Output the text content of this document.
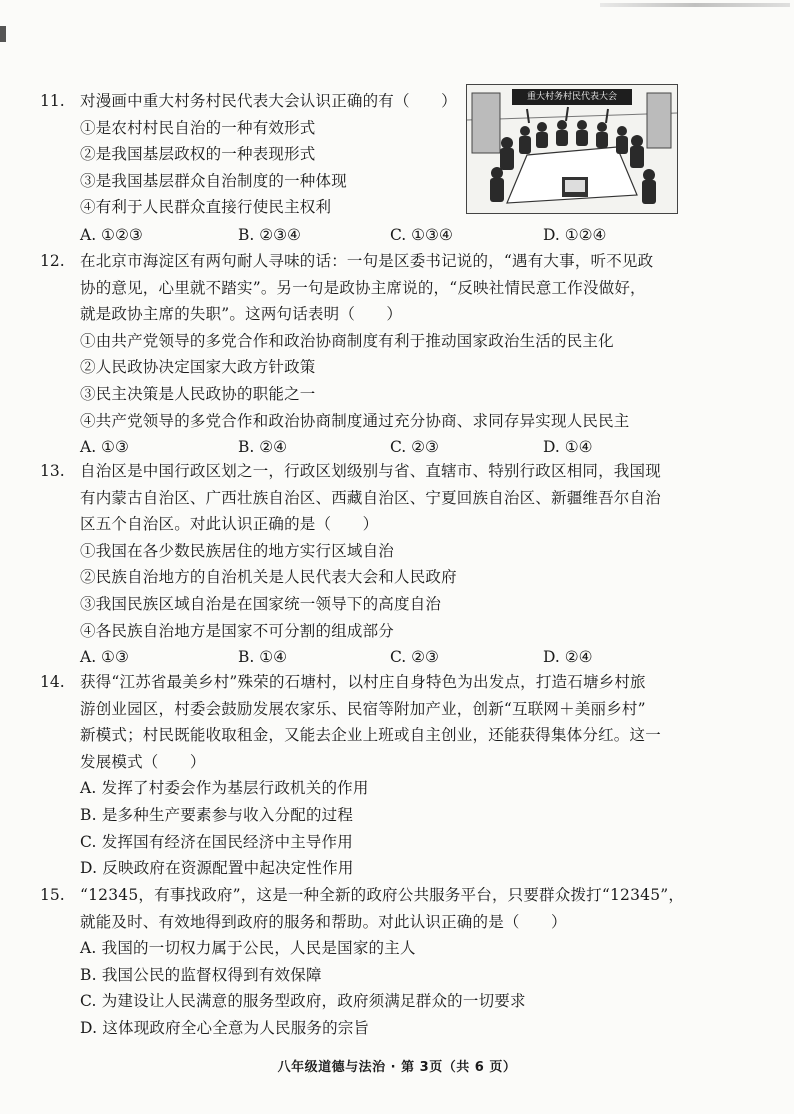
11. 对漫画中重大村务村民代表大会认识正确的有（　　）
①是农村村民自治的一种有效形式
②是我国基层政权的一种表现形式
③是我国基层群众自治制度的一种体现
④有利于人民群众直接行使民主权利
A. ①②③	B. ②③④	C. ①③④	D. ①②④
重大村务村民代表大会
12. 在北京市海淀区有两句耐人寻味的话：一句是区委书记说的，“遇有大事，听不见政
协的意见，心里就不踏实”。另一句是政协主席说的，“反映社情民意工作没做好，
就是政协主席的失职”。这两句话表明（　　）
①由共产党领导的多党合作和政治协商制度有利于推动国家政治生活的民主化
②人民政协决定国家大政方针政策
③民主决策是人民政协的职能之一
④共产党领导的多党合作和政治协商制度通过充分协商、求同存异实现人民民主
A. ①③	B. ②④	C. ②③	D. ①④
13. 自治区是中国行政区划之一，行政区划级别与省、直辖市、特别行政区相同，我国现
有内蒙古自治区、广西壮族自治区、西藏自治区、宁夏回族自治区、新疆维吾尔自治
区五个自治区。对此认识正确的是（　　）
①我国在各少数民族居住的地方实行区域自治
②民族自治地方的自治机关是人民代表大会和人民政府
③我国民族区域自治是在国家统一领导下的高度自治
④各民族自治地方是国家不可分割的组成部分
A. ①③	B. ①④	C. ②③	D. ②④
14. 获得“江苏省最美乡村”殊荣的石塘村，以村庄自身特色为出发点，打造石塘乡村旅
游创业园区，村委会鼓励发展农家乐、民宿等附加产业，创新“互联网＋美丽乡村”
新模式；村民既能收取租金，又能去企业上班或自主创业，还能获得集体分红。这一
发展模式（　　）
A. 发挥了村委会作为基层行政机关的作用
B. 是多种生产要素参与收入分配的过程
C. 发挥国有经济在国民经济中主导作用
D. 反映政府在资源配置中起决定性作用
15. “12345，有事找政府”，这是一种全新的政府公共服务平台，只要群众拨打“12345”，
就能及时、有效地得到政府的服务和帮助。对此认识正确的是（　　）
A. 我国的一切权力属于公民，人民是国家的主人
B. 我国公民的监督权得到有效保障
C. 为建设让人民满意的服务型政府，政府须满足群众的一切要求
D. 这体现政府全心全意为人民服务的宗旨
八年级道德与法治 · 第 3页（共 6 页）
